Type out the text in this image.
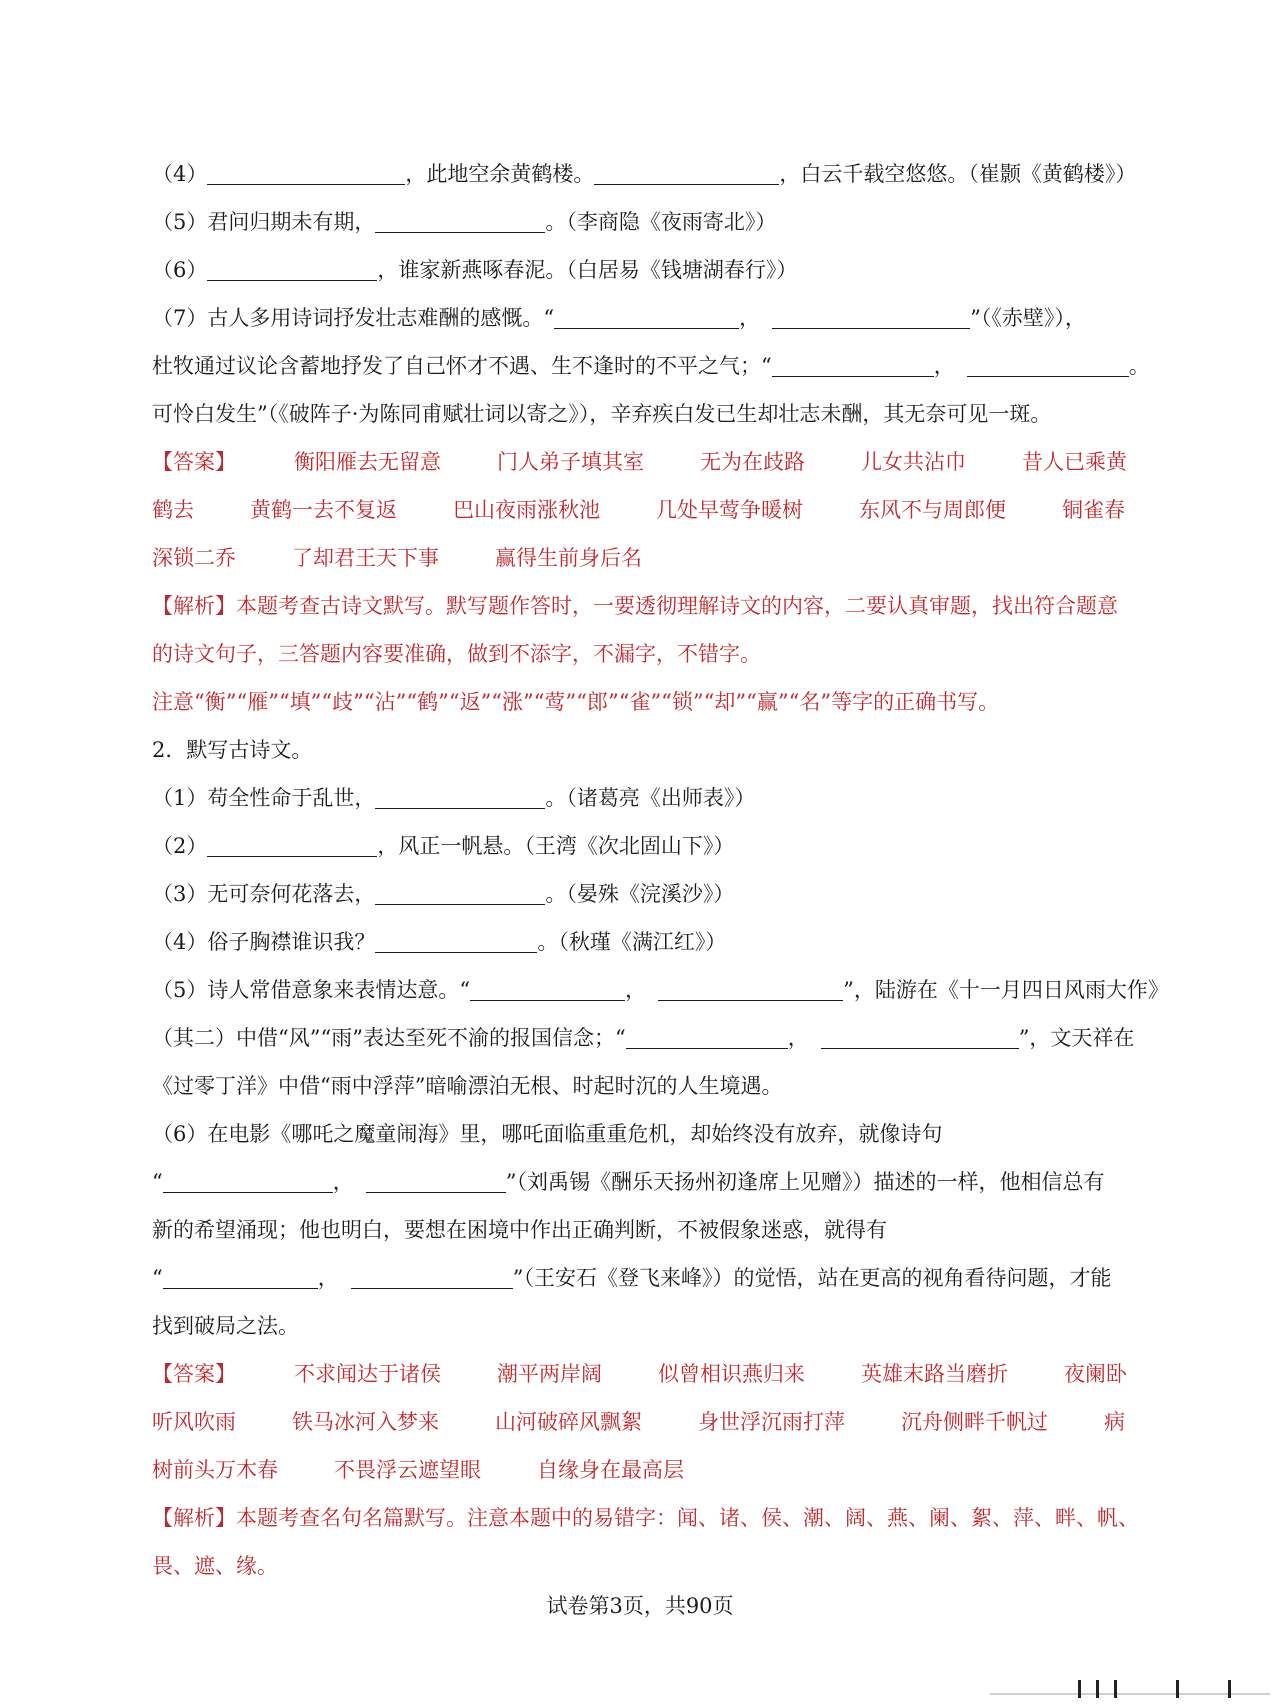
（4）	，此地空余黄鹤楼。	，白云千载空悠悠。（崔颢《黄鹤楼》）
（5）君问归期未有期，	。（李商隐《夜雨寄北》）
（6）	，谁家新燕啄春泥。（白居易《钱塘湖春行》）
（7）古人多用诗词抒发壮志难酬的感慨。“	，	”（《赤壁》），
杜牧通过议论含蓄地抒发了自己怀才不遇、生不逢时的不平之气；“	，	。
可怜白发生”（《破阵子·为陈同甫赋壮词以寄之》），辛弃疾白发已生却壮志未酬，其无奈可见一斑。
【答案】	衡阳雁去无留意	门人弟子填其室	无为在歧路	儿女共沾巾	昔人已乘黄
鹤去	黄鹤一去不复返	巴山夜雨涨秋池	几处早莺争暖树	东风不与周郎便	铜雀春
深锁二乔	了却君王天下事	赢得生前身后名
【解析】本题考查古诗文默写。默写题作答时，一要透彻理解诗文的内容，二要认真审题，找出符合题意
的诗文句子，三答题内容要准确，做到不添字，不漏字，不错字。
注意“衡”“雁”“填”“歧”“沾”“鹤”“返”“涨”“莺”“郎”“雀”“锁”“却”“赢”“名”等字的正确书写。
2．默写古诗文。
（1）苟全性命于乱世，	。（诸葛亮《出师表》）
（2）	，风正一帆悬。（王湾《次北固山下》）
（3）无可奈何花落去，	。（晏殊《浣溪沙》）
（4）俗子胸襟谁识我？	。（秋瑾《满江红》）
（5）诗人常借意象来表情达意。“	，	”，陆游在《十一月四日风雨大作》
（其二）中借“风”“雨”表达至死不渝的报国信念；“	，	”，文天祥在
《过零丁洋》中借“雨中浮萍”暗喻漂泊无根、时起时沉的人生境遇。
（6）在电影《哪吒之魔童闹海》里，哪吒面临重重危机，却始终没有放弃，就像诗句
“	，	”（刘禹锡《酬乐天扬州初逢席上见赠》）描述的一样，他相信总有
新的希望涌现；他也明白，要想在困境中作出正确判断，不被假象迷惑，就得有
“	，	”（王安石《登飞来峰》）的觉悟，站在更高的视角看待问题，才能
找到破局之法。
【答案】	不求闻达于诸侯	潮平两岸阔	似曾相识燕归来	英雄末路当磨折	夜阑卧
听风吹雨	铁马冰河入梦来	山河破碎风飘絮	身世浮沉雨打萍	沉舟侧畔千帆过	病
树前头万木春	不畏浮云遮望眼	自缘身在最高层
【解析】本题考查名句名篇默写。注意本题中的易错字：闻、诸、侯、潮、阔、燕、阑、絮、萍、畔、帆、
畏、遮、缘。
试卷第3页，共90页
